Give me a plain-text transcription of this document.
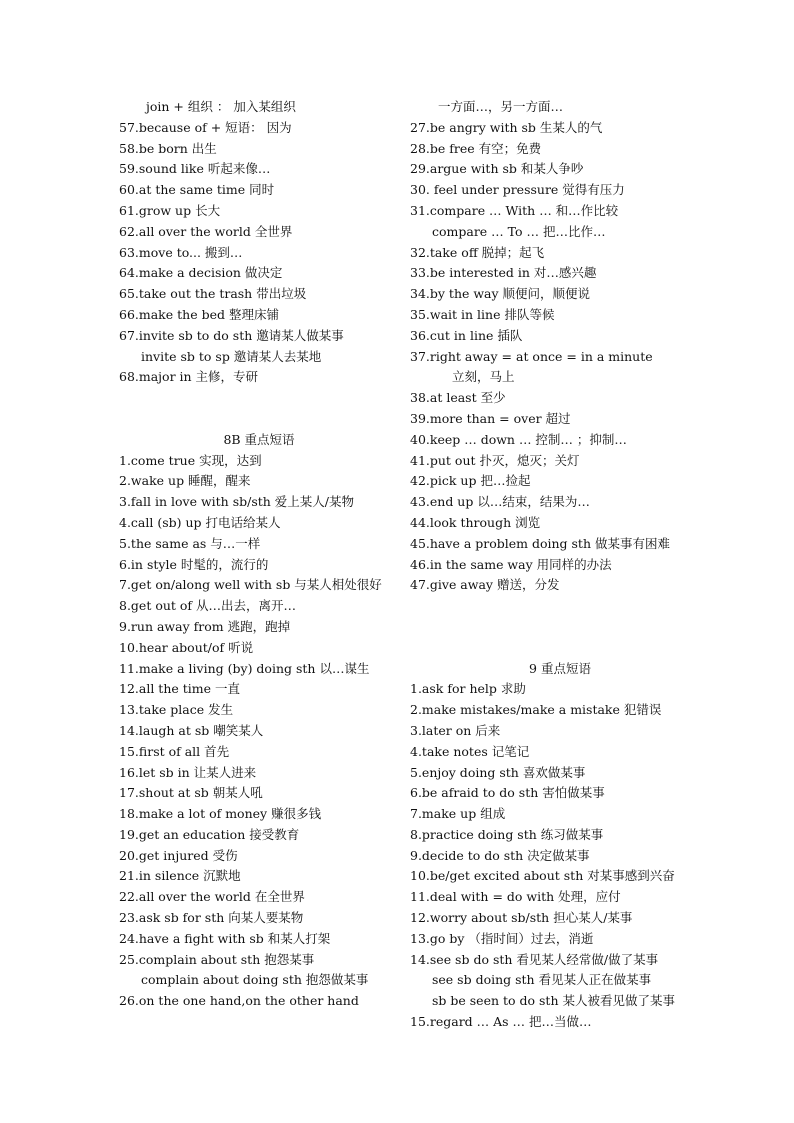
join + 组织 ： 加入某组织
57.because of + 短语： 因为
58.be born 出生
59.sound like 听起来像…
60.at the same time 同时
61.grow up 长大
62.all over the world 全世界
63.move to... 搬到…
64.make a decision 做决定
65.take out the trash 带出垃圾
66.make the bed 整理床铺
67.invite sb to do sth 邀请某人做某事
invite sb to sp 邀请某人去某地
68.major in 主修，专研
8B 重点短语
1.come true 实现，达到
2.wake up 睡醒，醒来
3.fall in love with sb/sth 爱上某人/某物
4.call (sb) up 打电话给某人
5.the same as 与…一样
6.in style 时髦的，流行的
7.get on/along well with sb 与某人相处很好
8.get out of 从…出去，离开…
9.run away from 逃跑，跑掉
10.hear about/of 听说
11.make a living (by) doing sth 以…谋生
12.all the time 一直
13.take place 发生
14.laugh at sb 嘲笑某人
15.first of all 首先
16.let sb in 让某人进来
17.shout at sb 朝某人吼
18.make a lot of money 赚很多钱
19.get an education 接受教育
20.get injured 受伤
21.in silence 沉默地
22.all over the world 在全世界
23.ask sb for sth 向某人要某物
24.have a fight with sb 和某人打架
25.complain about sth 抱怨某事
complain about doing sth 抱怨做某事
26.on the one hand,on the other hand
一方面…，另一方面…
27.be angry with sb 生某人的气
28.be free 有空；免费
29.argue with sb 和某人争吵
30. feel under pressure 觉得有压力
31.compare … With … 和…作比较
compare … To … 把…比作…
32.take off 脱掉；起飞
33.be interested in 对…感兴趣
34.by the way 顺便问，顺便说
35.wait in line 排队等候
36.cut in line 插队
37.right away = at once = in a minute
立刻，马上
38.at least 至少
39.more than = over 超过
40.keep … down … 控制… ；抑制…
41.put out 扑灭，熄灭；关灯
42.pick up 把…捡起
43.end up 以…结束，结果为…
44.look through 浏览
45.have a problem doing sth 做某事有困难
46.in the same way 用同样的办法
47.give away 赠送，分发
9 重点短语
1.ask for help 求助
2.make mistakes/make a mistake 犯错误
3.later on 后来
4.take notes 记笔记
5.enjoy doing sth 喜欢做某事
6.be afraid to do sth 害怕做某事
7.make up 组成
8.practice doing sth 练习做某事
9.decide to do sth 决定做某事
10.be/get excited about sth 对某事感到兴奋
11.deal with = do with 处理，应付
12.worry about sb/sth 担心某人/某事
13.go by （指时间）过去，消逝
14.see sb do sth 看见某人经常做/做了某事
see sb doing sth 看见某人正在做某事
sb be seen to do sth 某人被看见做了某事
15.regard … As … 把…当做…
